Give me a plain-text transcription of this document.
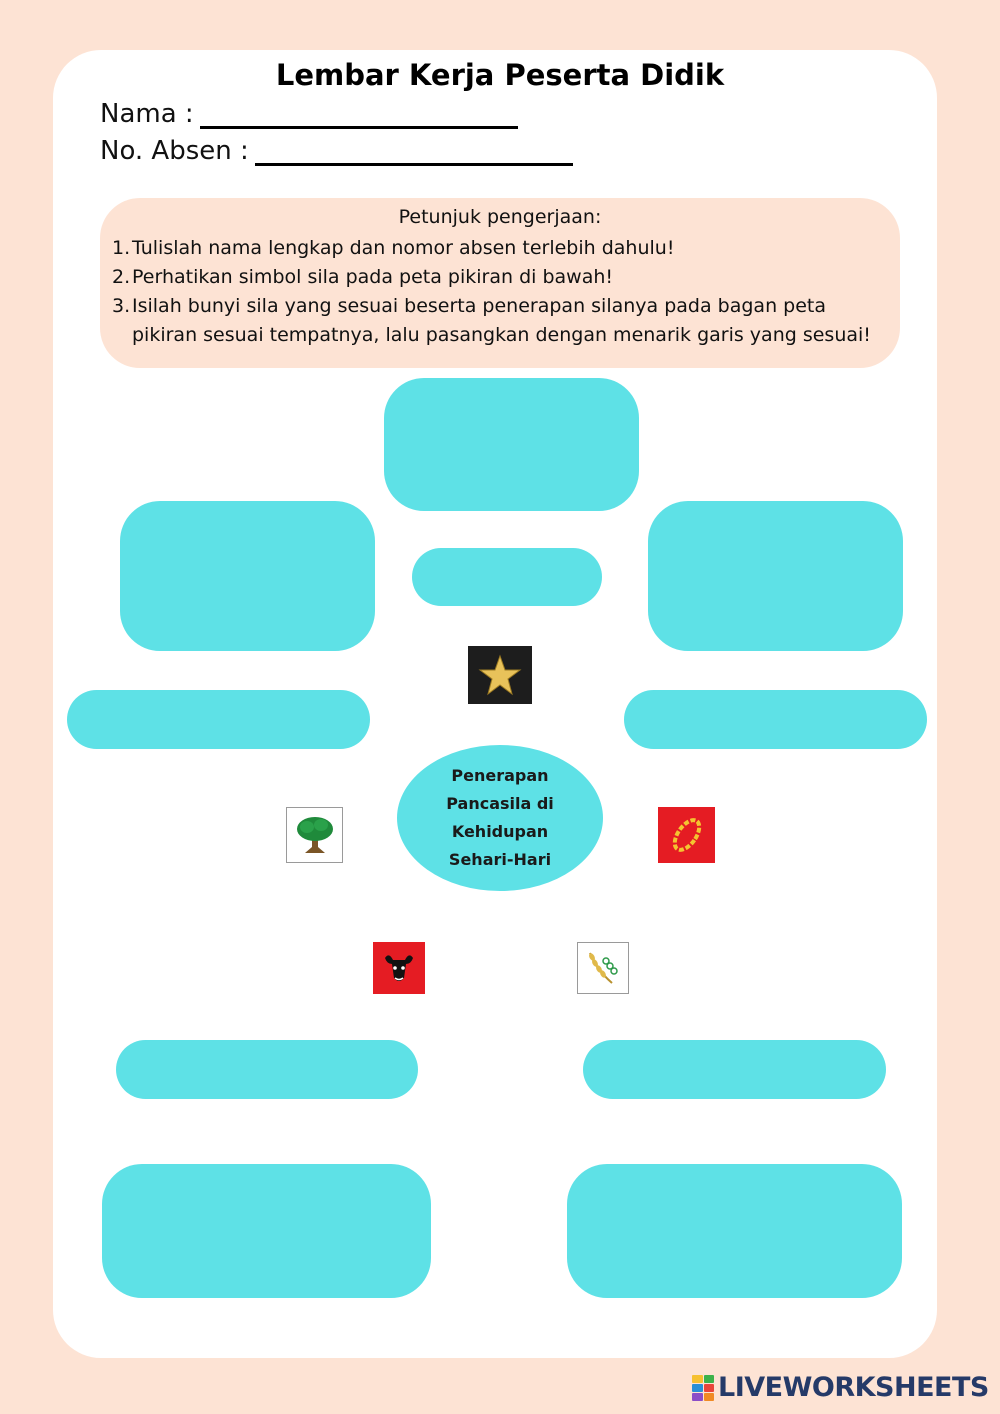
Lembar Kerja Peserta Didik
Nama :
No. Absen :
Petunjuk pengerjaan:
1. Tulislah nama lengkap dan nomor absen terlebih dahulu!
2. Perhatikan simbol sila pada peta pikiran di bawah!
3. Isilah bunyi sila yang sesuai beserta penerapan silanya pada bagan peta pikiran sesuai tempatnya, lalu pasangkan dengan menarik garis yang sesuai!
Penerapan
Pancasila di
Kehidupan
Sehari-Hari
LIVEWORKSHEETS
